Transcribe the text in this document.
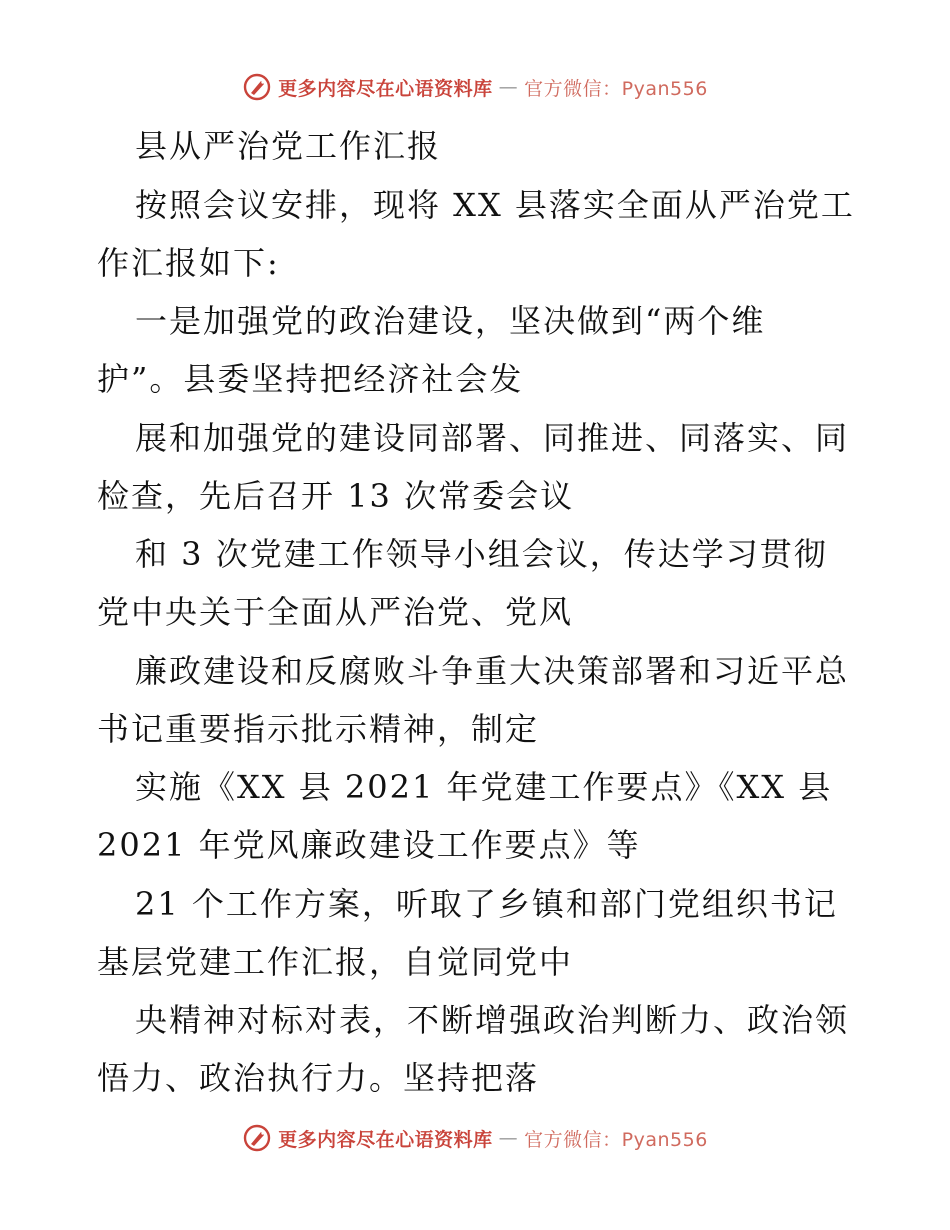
更多内容尽在心语资料库 — 官方微信：Pyan556
县从严治党工作汇报
按照会议安排，现将 XX 县落实全面从严治党工
作汇报如下:
一是加强党的政治建设，坚决做到“两个维
护”。县委坚持把经济社会发
展和加强党的建设同部署、同推进、同落实、同
检查，先后召开 13 次常委会议
和 3 次党建工作领导小组会议，传达学习贯彻
党中央关于全面从严治党、党风
廉政建设和反腐败斗争重大决策部署和习近平总
书记重要指示批示精神，制定
实施《XX 县 2021 年党建工作要点》《XX 县
2021 年党风廉政建设工作要点》等
21 个工作方案，听取了乡镇和部门党组织书记
基层党建工作汇报，自觉同党中
央精神对标对表，不断增强政治判断力、政治领
悟力、政治执行力。坚持把落
更多内容尽在心语资料库 — 官方微信：Pyan556
